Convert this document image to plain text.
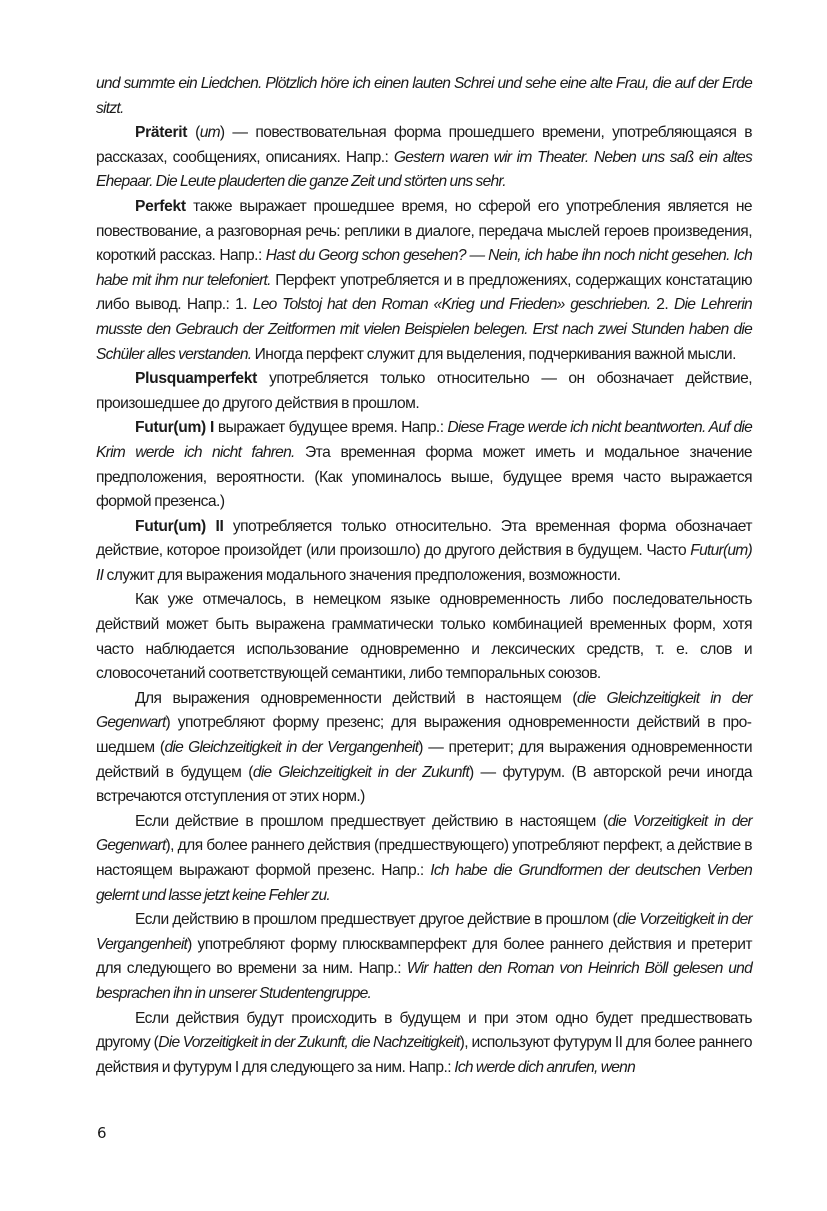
und summte ein Liedchen. Plötzlich höre ich einen lauten Schrei und sehe eine alte Frau, die auf der Erde sitzt.

Präterit (um) — повествовательная форма прошедшего времени, употребляющаяся в рассказах, сообщениях, описаниях. Напр.: Gestern waren wir im Theater. Neben uns saß ein altes Ehepaar. Die Leute plauderten die ganze Zeit und störten uns sehr.

Perfekt также выражает прошедшее время, но сферой его употребления является не повествование, а разговорная речь: реплики в диалоге, передача мыслей героев произведения, короткий рассказ. Напр.: Hast du Georg schon gesehen? — Nein, ich habe ihn noch nicht gesehen. Ich habe mit ihm nur telefoniert. Перфект употребляется и в предложениях, содержащих констатацию либо вывод. Напр.: 1. Leo Tolstoj hat den Roman «Krieg und Frieden» geschrieben. 2. Die Lehrerin musste den Gebrauch der Zeitformen mit vielen Beispielen belegen. Erst nach zwei Stunden haben die Schüler alles verstanden. Иногда перфект служит для выделения, подчеркивания важной мысли.

Plusquamperfekt употребляется только относительно — он обозначает действие, произошедшее до другого действия в прошлом.

Futur(um) I выражает будущее время. Напр.: Diese Frage werde ich nicht beantworten. Auf die Krim werde ich nicht fahren. Эта временная форма может иметь и модальное значение предположения, вероятности. (Как упоминалось выше, будущее время часто выражается формой презенса.)

Futur(um) II употребляется только относительно. Эта временная форма обозначает действие, которое произойдет (или произошло) до другого действия в будущем. Часто Futur(um) II служит для выражения модального значения предположения, возможности.

Как уже отмечалось, в немецком языке одновременность либо последовательность действий может быть выражена грамматически только комбинацией временных форм, хотя часто наблюдается использование одновременно и лексических средств, т. е. слов и словосочетаний соответствующей семантики, либо темпоральных союзов.

Для выражения одновременности действий в настоящем (die Gleichzeitigkeit in der Gegenwart) употребляют форму презенс; для выражения одновременности действий в прошедшем (die Gleichzeitigkeit in der Vergangenheit) — претерит; для выражения одновременности действий в будущем (die Gleichzeitigkeit in der Zukunft) — футурум. (В авторской речи иногда встречаются отступления от этих норм.)

Если действие в прошлом предшествует действию в настоящем (die Vorzeitigkeit in der Gegenwart), для более раннего действия (предшествующего) употребляют перфект, а действие в настоящем выражают формой презенс. Напр.: Ich habe die Grundformen der deutschen Verben gelernt und lasse jetzt keine Fehler zu.

Если действию в прошлом предшествует другое действие в прошлом (die Vorzeitigkeit in der Vergangenheit) употребляют форму плюсквамперфект для более раннего действия и претерит для следующего во времени за ним. Напр.: Wir hatten den Roman von Heinrich Böll gelesen und besprachen ihn in unserer Studentengruppe.

Если действия будут происходить в будущем и при этом одно будет предшествовать другому (Die Vorzeitigkeit in der Zukunft, die Nachzeitigkeit), используют футурум II для более раннего действия и футурум I для следующего за ним. Напр.: Ich werde dich anrufen, wenn

6
